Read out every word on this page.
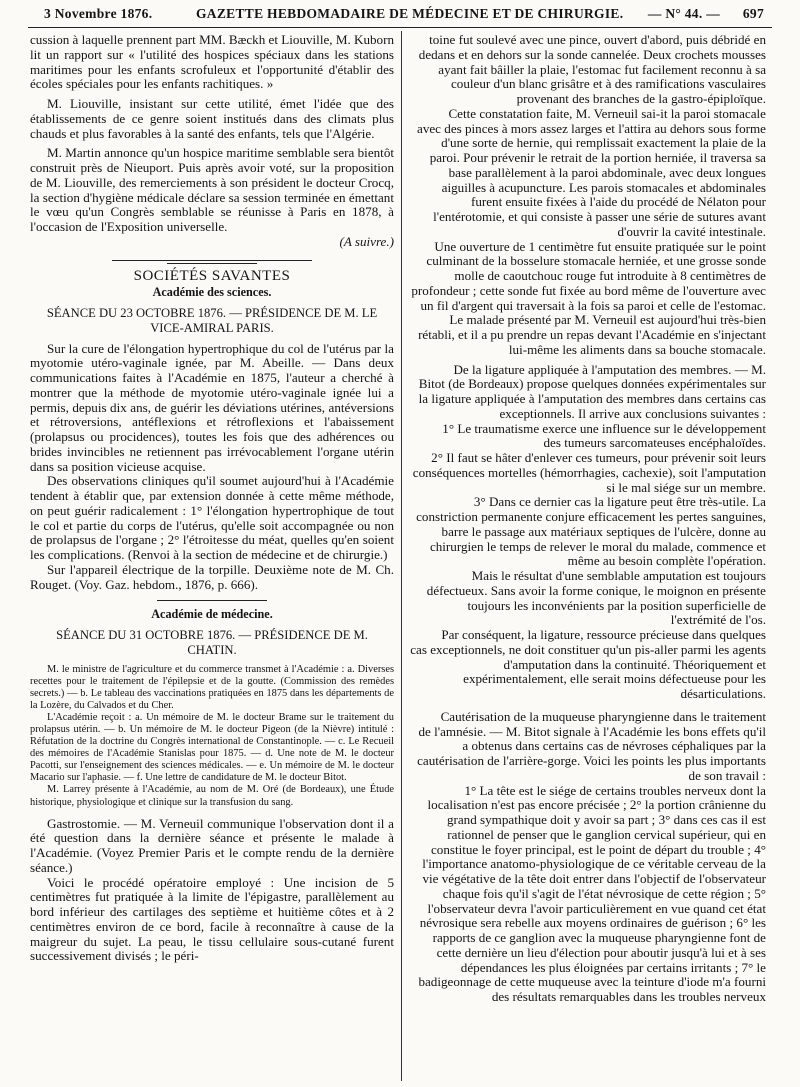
3 Novembre 1876.	GAZETTE HEBDOMADAIRE DE MÉDECINE ET DE CHIRURGIE. — N° 44. — 697

cussion à laquelle prennent part MM. Bæckh et Liouville, M. Kuborn lit un rapport sur « l'utilité des hospices spéciaux dans les stations maritimes pour les enfants scrofuleux et l'opportunité d'établir des écoles spéciales pour les enfants rachitiques. »

M. Liouville, insistant sur cette utilité, émet l'idée que des établissements de ce genre soient institués dans des climats plus chauds et plus favorables à la santé des enfants, tels que l'Algérie.

M. Martin annonce qu'un hospice maritime semblable sera bientôt construit près de Nieuport. Puis après avoir voté, sur la proposition de M. Liouville, des remerciements à son président le docteur Crocq, la section d'hygiène médicale déclare sa session terminée en émettant le vœu qu'un Congrès semblable se réunisse à Paris en 1878, à l'occasion de l'Exposition universelle.

(A suivre.)

SOCIÉTÉS SAVANTES

Académie des sciences.

SÉANCE DU 23 OCTOBRE 1876. — PRÉSIDENCE DE M. LE VICE-AMIRAL PARIS.

Sur la cure de l'élongation hypertrophique du col de l'utérus par la myotomie utéro-vaginale ignée, par M. Abeille. — Dans deux communications faites à l'Académie en 1875, l'auteur a cherché à montrer que la méthode de myotomie utéro-vaginale ignée lui a permis, depuis dix ans, de guérir les déviations utérines, antéversions et rétroversions, antéflexions et rétroflexions et l'abaissement (prolapsus ou procidences), toutes les fois que des adhérences ou brides invincibles ne retiennent pas irrévocablement l'organe utérin dans sa position vicieuse acquise.

Des observations cliniques qu'il soumet aujourd'hui à l'Académie tendent à établir que, par extension donnée à cette même méthode, on peut guérir radicalement : 1° l'élongation hypertrophique de tout le col et partie du corps de l'utérus, qu'elle soit accompagnée ou non de prolapsus de l'organe ; 2° l'étroitesse du méat, quelles qu'en soient les complications. (Renvoi à la section de médecine et de chirurgie.)

Sur l'appareil électrique de la torpille. Deuxième note de M. Ch. Rouget. (Voy. Gaz. hebdom., 1876, p. 666).

Académie de médecine.

SÉANCE DU 31 OCTOBRE 1876. — PRÉSIDENCE DE M. CHATIN.

M. le ministre de l'agriculture et du commerce transmet à l'Académie : a. Diverses recettes pour le traitement de l'épilepsie et de la goutte. (Commission des remèdes secrets.) — b. Le tableau des vaccinations pratiquées en 1875 dans les départements de la Lozère, du Calvados et du Cher.

L'Académie reçoit : a. Un mémoire de M. le docteur Brame sur le traitement du prolapsus utérin. — b. Un mémoire de M. le docteur Pigeon (de la Nièvre) intitulé : Réfutation de la doctrine du Congrès international de Constantinople. — c. Le Recueil des mémoires de l'Académie Stanislas pour 1875. — d. Une note de M. le docteur Pacotti, sur l'enseignement des sciences médicales. — e. Un mémoire de M. le docteur Macario sur l'aphasie. — f. Une lettre de candidature de M. le docteur Bitot.

M. Larrey présente à l'Académie, au nom de M. Oré (de Bordeaux), une Étude historique, physiologique et clinique sur la transfusion du sang.

Gastrostomie. — M. Verneuil communique l'observation dont il a été question dans la dernière séance et présente le malade à l'Académie. (Voyez Premier Paris et le compte rendu de la dernière séance.)

Voici le procédé opératoire employé : Une incision de 5 centimètres fut pratiquée à la limite de l'épigastre, parallèlement au bord inférieur des cartilages des septième et huitième côtes et à 2 centimètres environ de ce bord, facile à reconnaître à cause de la maigreur du sujet. La peau, le tissu cellulaire sous-cutané furent successivement divisés ; le péri-

toine fut soulevé avec une pince, ouvert d'abord, puis débridé en dedans et en dehors sur la sonde cannelée. Deux crochets mousses ayant fait bâiller la plaie, l'estomac fut facilement reconnu à sa couleur d'un blanc grisâtre et à des ramifications vasculaires provenant des branches de la gastro-épiploïque.

Cette constatation faite, M. Verneuil sai-it la paroi stomacale avec des pinces à mors assez larges et l'attira au dehors sous forme d'une sorte de hernie, qui remplissait exactement la plaie de la paroi. Pour prévenir le retrait de la portion herniée, il traversa sa base parallèlement à la paroi abdominale, avec deux longues aiguilles à acupuncture. Les parois stomacales et abdominales furent ensuite fixées à l'aide du procédé de Nélaton pour l'entérotomie, et qui consiste à passer une série de sutures avant d'ouvrir la cavité intestinale.

Une ouverture de 1 centimètre fut ensuite pratiquée sur le point culminant de la bosselure stomacale herniée, et une grosse sonde molle de caoutchouc rouge fut introduite à 8 centimètres de profondeur ; cette sonde fut fixée au bord même de l'ouverture avec un fil d'argent qui traversait à la fois sa paroi et celle de l'estomac.

Le malade présenté par M. Verneuil est aujourd'hui très-bien rétabli, et il a pu prendre un repas devant l'Académie en s'injectant lui-même les aliments dans sa bouche stomacale.

De la ligature appliquée à l'amputation des membres. — M. Bitot (de Bordeaux) propose quelques données expérimentales sur la ligature appliquée à l'amputation des membres dans certains cas exceptionnels. Il arrive aux conclusions suivantes :

1° Le traumatisme exerce une influence sur le développement des tumeurs sarcomateuses encéphaloïdes.

2° Il faut se hâter d'enlever ces tumeurs, pour prévenir soit leurs conséquences mortelles (hémorrhagies, cachexie), soit l'amputation si le mal siége sur un membre.

3° Dans ce dernier cas la ligature peut être très-utile. La constriction permanente conjure efficacement les pertes sanguines, barre le passage aux matériaux septiques de l'ulcère, donne au chirurgien le temps de relever le moral du malade, commence et même au besoin complète l'opération.

Mais le résultat d'une semblable amputation est toujours défectueux. Sans avoir la forme conique, le moignon en présente toujours les inconvénients par la position superficielle de l'extrémité de l'os.

Par conséquent, la ligature, ressource précieuse dans quelques cas exceptionnels, ne doit constituer qu'un pis-aller parmi les agents d'amputation dans la continuité. Théoriquement et expérimentalement, elle serait moins défectueuse pour les désarticulations.

Cautérisation de la muqueuse pharyngienne dans le traitement de l'amnésie. — M. Bitot signale à l'Académie les bons effets qu'il a obtenus dans certains cas de névroses céphaliques par la cautérisation de l'arrière-gorge. Voici les points les plus importants de son travail :

1° La tête est le siége de certains troubles nerveux dont la localisation n'est pas encore précisée ; 2° la portion crânienne du grand sympathique doit y avoir sa part ; 3° dans ces cas il est rationnel de penser que le ganglion cervical supérieur, qui en constitue le foyer principal, est le point de départ du trouble ; 4° l'importance anatomo-physiologique de ce véritable cerveau de la vie végétative de la tête doit entrer dans l'objectif de l'observateur chaque fois qu'il s'agit de l'état névrosique de cette région ; 5° l'observateur devra l'avoir particulièrement en vue quand cet état névrosique sera rebelle aux moyens ordinaires de guérison ; 6° les rapports de ce ganglion avec la muqueuse pharyngienne font de cette dernière un lieu d'élection pour aboutir jusqu'à lui et à ses dépendances les plus éloignées par certains irritants ; 7° le badigeonnage de cette muqueuse avec la teinture d'iode m'a fourni des résultats remarquables dans les troubles nerveux
